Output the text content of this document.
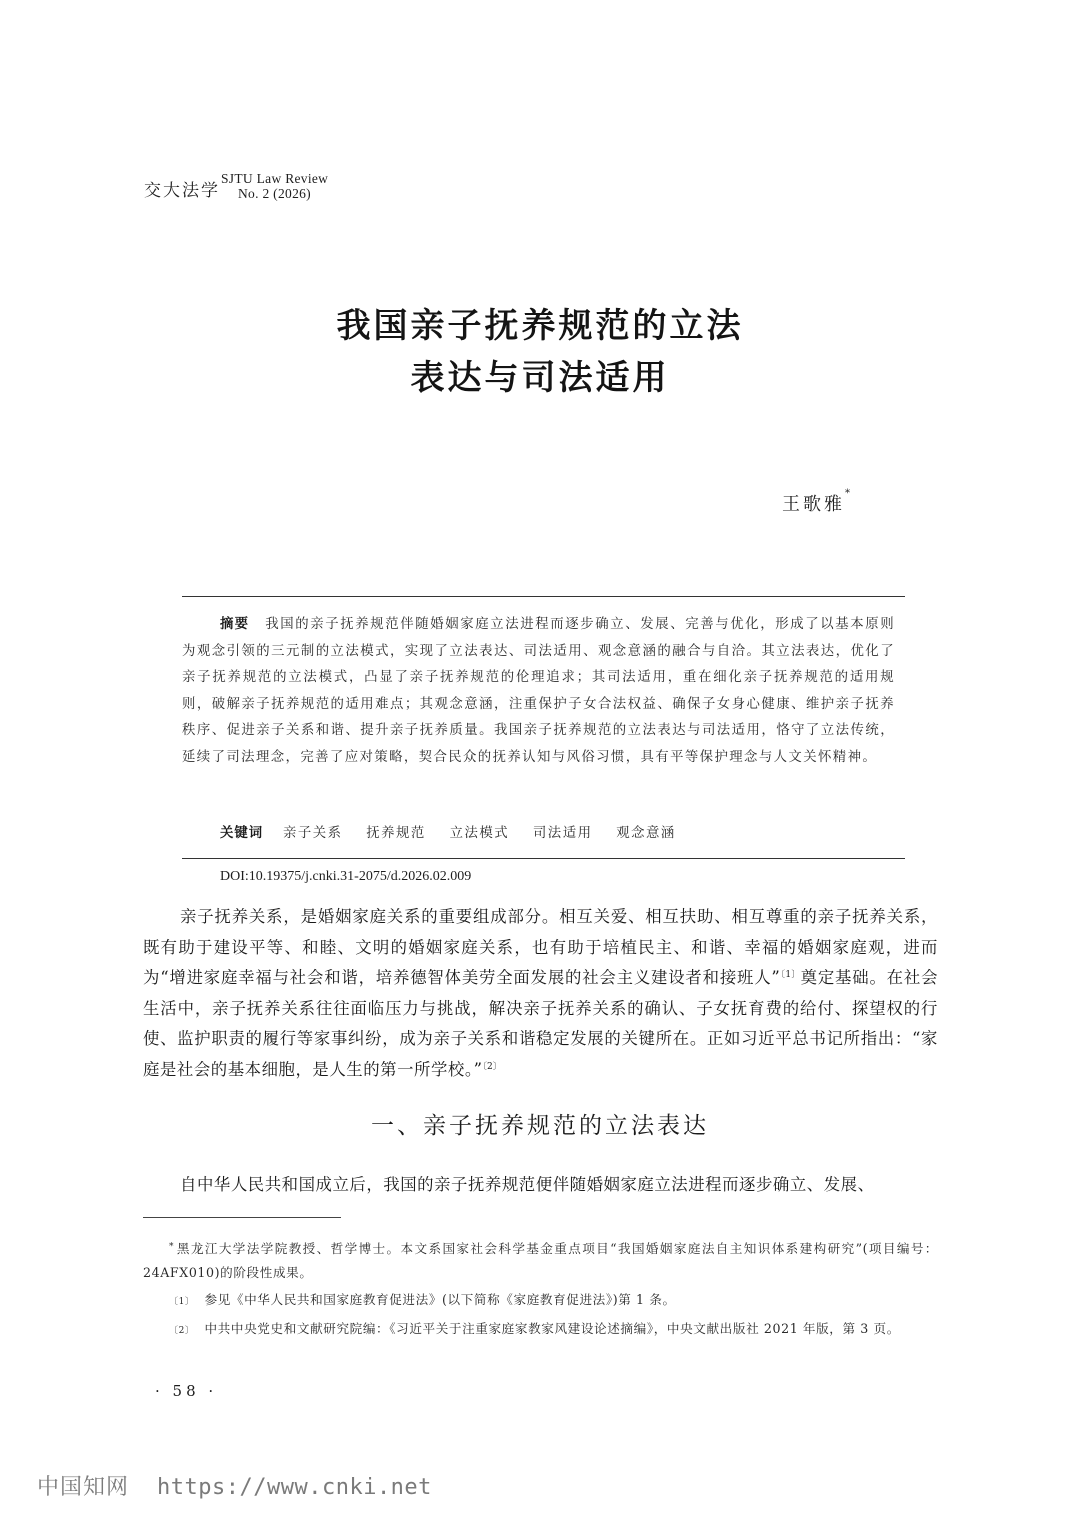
交大法学
SJTU Law Review
No. 2 (2026)
我国亲子抚养规范的立法
表达与司法适用
王歌雅*
摘要 我国的亲子抚养规范伴随婚姻家庭立法进程而逐步确立、发展、完善与优化，形成了以基本原则为观念引领的三元制的立法模式，实现了立法表达、司法适用、观念意涵的融合与自洽。其立法表达，优化了亲子抚养规范的立法模式，凸显了亲子抚养规范的伦理追求；其司法适用，重在细化亲子抚养规范的适用规则，破解亲子抚养规范的适用难点；其观念意涵，注重保护子女合法权益、确保子女身心健康、维护亲子抚养秩序、促进亲子关系和谐、提升亲子抚养质量。我国亲子抚养规范的立法表达与司法适用，恪守了立法传统，延续了司法理念，完善了应对策略，契合民众的抚养认知与风俗习惯，具有平等保护理念与人文关怀精神。
关键词 亲子关系 抚养规范 立法模式 司法适用 观念意涵
DOI:10.19375/j.cnki.31-2075/d.2026.02.009
亲子抚养关系，是婚姻家庭关系的重要组成部分。相互关爱、相互扶助、相互尊重的亲子抚养关系，既有助于建设平等、和睦、文明的婚姻家庭关系，也有助于培植民主、和谐、幸福的婚姻家庭观，进而为“增进家庭幸福与社会和谐，培养德智体美劳全面发展的社会主义建设者和接班人”$^{〔1〕}$奠定基础。在社会生活中，亲子抚养关系往往面临压力与挑战，解决亲子抚养关系的确认、子女抚育费的给付、探望权的行使、监护职责的履行等家事纠纷，成为亲子关系和谐稳定发展的关键所在。正如习近平总书记所指出：“家庭是社会的基本细胞，是人生的第一所学校。”$^{〔2〕}$
一、亲子抚养规范的立法表达
自中华人民共和国成立后，我国的亲子抚养规范便伴随婚姻家庭立法进程而逐步确立、发展、
* 黑龙江大学法学院教授、哲学博士。本文系国家社会科学基金重点项目“我国婚姻家庭法自主知识体系建构研究”(项目编号：24AFX010)的阶段性成果。
〔1〕 参见《中华人民共和国家庭教育促进法》(以下简称《家庭教育促进法》)第 1 条。
〔2〕 中共中央党史和文献研究院编：《习近平关于注重家庭家教家风建设论述摘编》，中央文献出版社 2021 年版，第 3 页。
· 58 ·
中国知网 https://www.cnki.net
